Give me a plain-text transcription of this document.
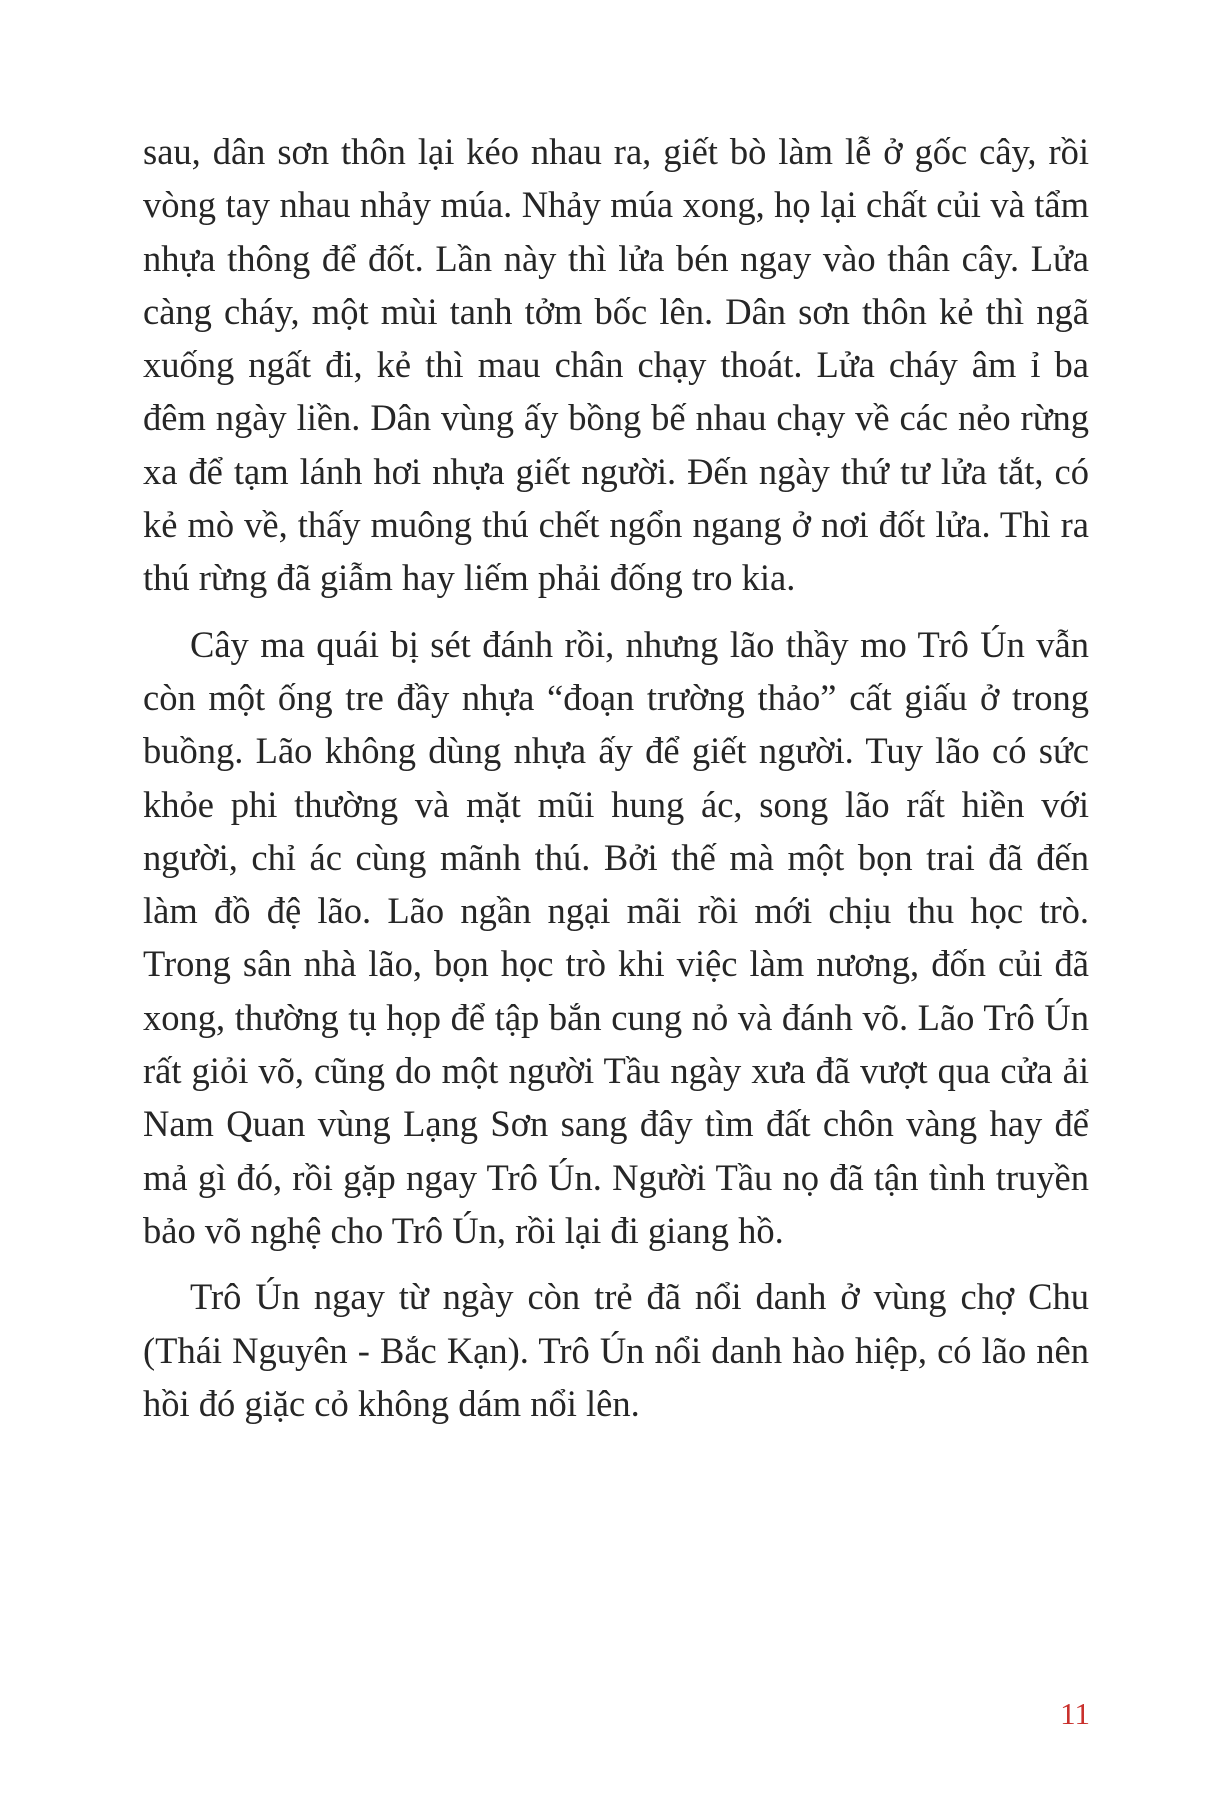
sau, dân sơn thôn lại kéo nhau ra, giết bò làm lễ ở gốc cây, rồi vòng tay nhau nhảy múa. Nhảy múa xong, họ lại chất củi và tẩm nhựa thông để đốt. Lần này thì lửa bén ngay vào thân cây. Lửa càng cháy, một mùi tanh tởm bốc lên. Dân sơn thôn kẻ thì ngã xuống ngất đi, kẻ thì mau chân chạy thoát. Lửa cháy âm ỉ ba đêm ngày liền. Dân vùng ấy bồng bế nhau chạy về các nẻo rừng xa để tạm lánh hơi nhựa giết người. Đến ngày thứ tư lửa tắt, có kẻ mò về, thấy muông thú chết ngổn ngang ở nơi đốt lửa. Thì ra thú rừng đã giẫm hay liếm phải đống tro kia.

Cây ma quái bị sét đánh rồi, nhưng lão thầy mo Trô Ún vẫn còn một ống tre đầy nhựa “đoạn trường thảo” cất giấu ở trong buồng. Lão không dùng nhựa ấy để giết người. Tuy lão có sức khỏe phi thường và mặt mũi hung ác, song lão rất hiền với người, chỉ ác cùng mãnh thú. Bởi thế mà một bọn trai đã đến làm đồ đệ lão. Lão ngần ngại mãi rồi mới chịu thu học trò. Trong sân nhà lão, bọn học trò khi việc làm nương, đốn củi đã xong, thường tụ họp để tập bắn cung nỏ và đánh võ. Lão Trô Ún rất giỏi võ, cũng do một người Tầu ngày xưa đã vượt qua cửa ải Nam Quan vùng Lạng Sơn sang đây tìm đất chôn vàng hay để mả gì đó, rồi gặp ngay Trô Ún. Người Tầu nọ đã tận tình truyền bảo võ nghệ cho Trô Ún, rồi lại đi giang hồ.

Trô Ún ngay từ ngày còn trẻ đã nổi danh ở vùng chợ Chu (Thái Nguyên - Bắc Kạn). Trô Ún nổi danh hào hiệp, có lão nên hồi đó giặc cỏ không dám nổi lên.

11
